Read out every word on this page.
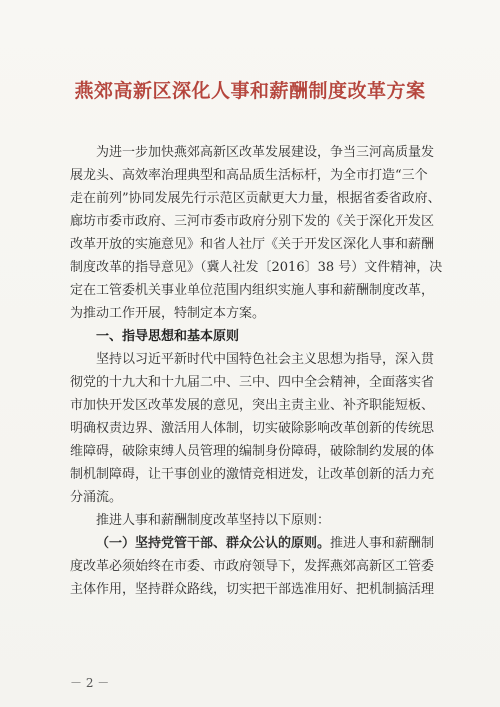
燕郊高新区深化人事和薪酬制度改革方案
为进一步加快燕郊高新区改革发展建设，争当三河高质量发
展龙头、高效率治理典型和高品质生活标杆，为全市打造“三个
走在前列”协同发展先行示范区贡献更大力量，根据省委省政府、
廊坊市委市政府、三河市委市政府分别下发的《关于深化开发区
改革开放的实施意见》和省人社厅《关于开发区深化人事和薪酬
制度改革的指导意见》（冀人社发〔2016〕38 号）文件精神，决
定在工管委机关事业单位范围内组织实施人事和薪酬制度改革，
为推动工作开展，特制定本方案。
一、指导思想和基本原则
坚持以习近平新时代中国特色社会主义思想为指导，深入贯
彻党的十九大和十九届二中、三中、四中全会精神，全面落实省
市加快开发区改革发展的意见，突出主责主业、补齐职能短板、
明确权责边界、激活用人体制，切实破除影响改革创新的传统思
维障碍，破除束缚人员管理的编制身份障碍，破除制约发展的体
制机制障碍，让干事创业的激情竞相迸发，让改革创新的活力充
分涌流。
推进人事和薪酬制度改革坚持以下原则：
（一）坚持党管干部、群众公认的原则。推进人事和薪酬制
度改革必须始终在市委、市政府领导下，发挥燕郊高新区工管委
主体作用，坚持群众路线，切实把干部选准用好、把机制搞活理
－ 2 －
